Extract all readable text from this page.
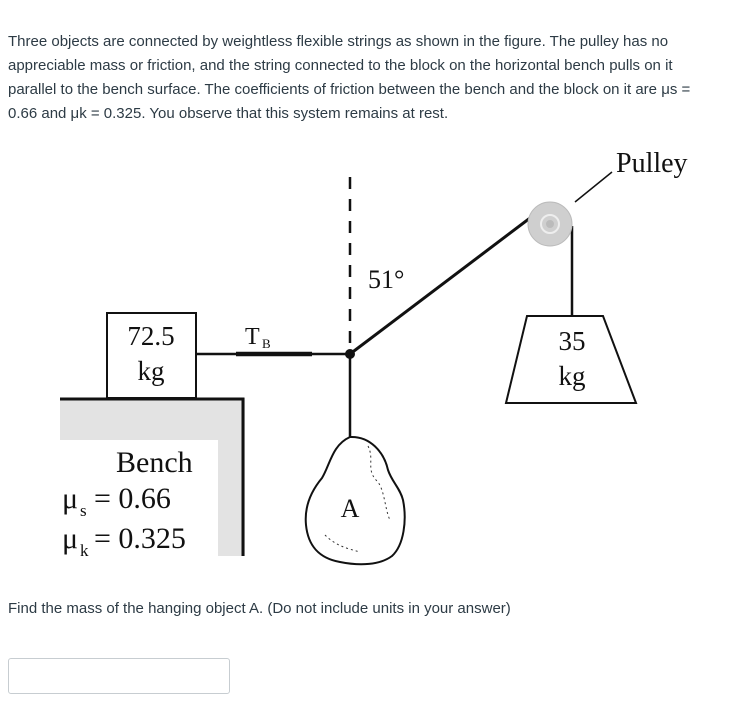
Three objects are connected by weightless flexible strings as shown in the figure. The pulley has no appreciable mass or friction, and the string connected to the block on the horizontal bench pulls on it parallel to the bench surface. The coefficients of friction between the bench and the block on it are μs = 0.66 and μk = 0.325. You observe that this system remains at rest.

Bench
μ s = 0.66
μ k = 0.325
72.5
kg
T B
51°
Pulley
35
kg
A

Find the mass of the hanging object A. (Do not include units in your answer)
